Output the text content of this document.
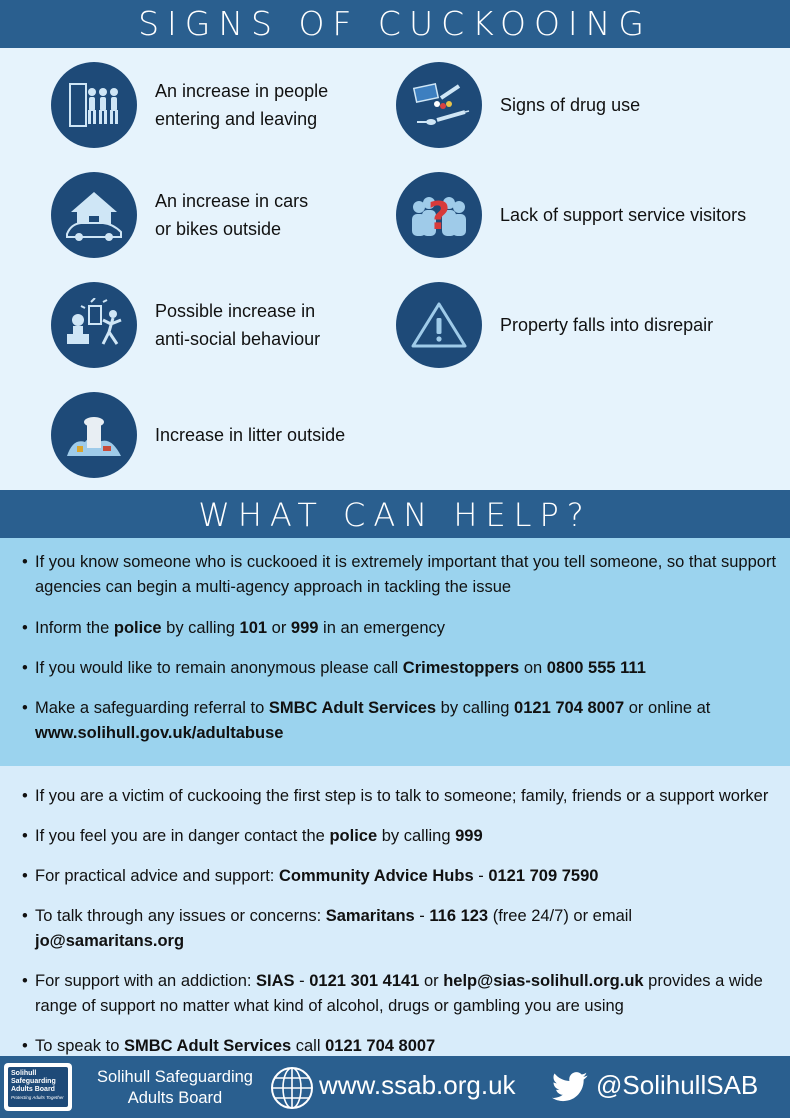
SIGNS OF CUCKOOING
An increase in people
entering and leaving
An increase in cars
or bikes outside
Possible increase in
anti-social behaviour
Increase in litter outside
Signs of drug use
?	Lack of support service visitors
Property falls into disrepair
WHAT CAN HELP?
• If you know someone who is cuckooed it is extremely important that you tell someone, so that support agencies can begin a multi-agency approach in tackling the issue
• Inform the police by calling 101 or 999 in an emergency
• If you would like to remain anonymous please call Crimestoppers on 0800 555 111
• Make a safeguarding referral to SMBC Adult Services by calling 0121 704 8007 or online at www.solihull.gov.uk/adultabuse
• If you are a victim of cuckooing the first step is to talk to someone; family, friends or a support worker
• If you feel you are in danger contact the police by calling 999
• For practical advice and support: Community Advice Hubs - 0121 709 7590
• To talk through any issues or concerns: Samaritans - 116 123 (free 24/7) or email jo@samaritans.org
• For support with an addiction: SIAS - 0121 301 4141 or help@sias-solihull.org.uk provides a wide range of support no matter what kind of alcohol, drugs or gambling you are using
• To speak to SMBC Adult Services call 0121 704 8007
Solihull
Safeguarding
Adults Board
Protecting Adults Together
Solihull Safeguarding
Adults Board	www.ssab.org.uk	@SolihullSAB
